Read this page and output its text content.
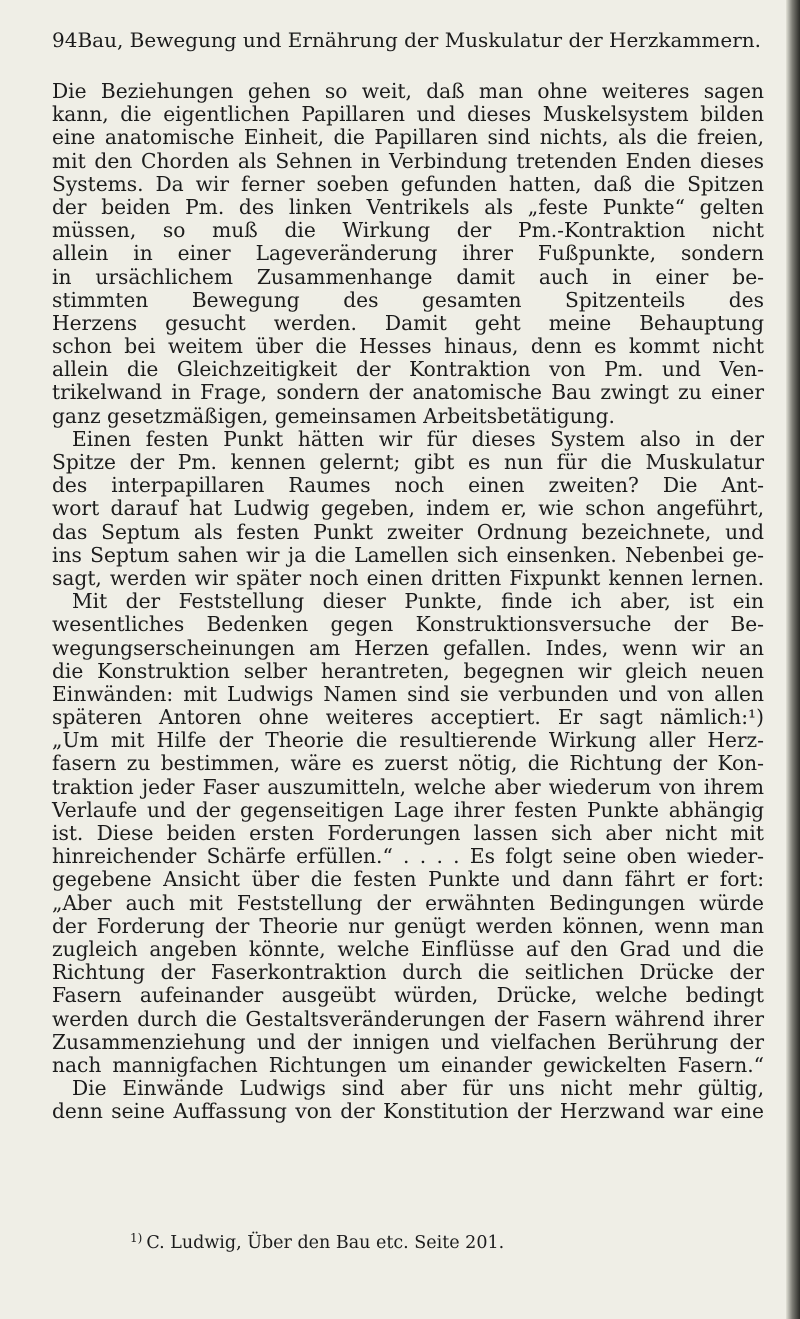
94 Bau, Bewegung und Ernährung der Muskulatur der Herzkammern.
Die Beziehungen gehen so weit, daß man ohne weiteres sagen
kann, die eigentlichen Papillaren und dieses Muskelsystem bilden
eine anatomische Einheit, die Papillaren sind nichts, als die freien,
mit den Chorden als Sehnen in Verbindung tretenden Enden dieses
Systems. Da wir ferner soeben gefunden hatten, daß die Spitzen
der beiden Pm. des linken Ventrikels als „feste Punkte“ gelten
müssen, so muß die Wirkung der Pm.-Kontraktion nicht
allein in einer Lageveränderung ihrer Fußpunkte, sondern
in ursächlichem Zusammenhange damit auch in einer be-
stimmten Bewegung des gesamten Spitzenteils des
Herzens gesucht werden. Damit geht meine Behauptung
schon bei weitem über die Hesses hinaus, denn es kommt nicht
allein die Gleichzeitigkeit der Kontraktion von Pm. und Ven-
trikelwand in Frage, sondern der anatomische Bau zwingt zu einer
ganz gesetzmäßigen, gemeinsamen Arbeitsbetätigung.
Einen festen Punkt hätten wir für dieses System also in der
Spitze der Pm. kennen gelernt; gibt es nun für die Muskulatur
des interpapillaren Raumes noch einen zweiten? Die Ant-
wort darauf hat Ludwig gegeben, indem er, wie schon angeführt,
das Septum als festen Punkt zweiter Ordnung bezeichnete, und
ins Septum sahen wir ja die Lamellen sich einsenken. Nebenbei ge-
sagt, werden wir später noch einen dritten Fixpunkt kennen lernen.
Mit der Feststellung dieser Punkte, finde ich aber, ist ein
wesentliches Bedenken gegen Konstruktionsversuche der Be-
wegungserscheinungen am Herzen gefallen. Indes, wenn wir an
die Konstruktion selber herantreten, begegnen wir gleich neuen
Einwänden: mit Ludwigs Namen sind sie verbunden und von allen
späteren Antoren ohne weiteres acceptiert. Er sagt nämlich:¹)
„Um mit Hilfe der Theorie die resultierende Wirkung aller Herz-
fasern zu bestimmen, wäre es zuerst nötig, die Richtung der Kon-
traktion jeder Faser auszumitteln, welche aber wiederum von ihrem
Verlaufe und der gegenseitigen Lage ihrer festen Punkte abhängig
ist. Diese beiden ersten Forderungen lassen sich aber nicht mit
hinreichender Schärfe erfüllen.“ . . . . Es folgt seine oben wieder-
gegebene Ansicht über die festen Punkte und dann fährt er fort:
„Aber auch mit Feststellung der erwähnten Bedingungen würde
der Forderung der Theorie nur genügt werden können, wenn man
zugleich angeben könnte, welche Einflüsse auf den Grad und die
Richtung der Faserkontraktion durch die seitlichen Drücke der
Fasern aufeinander ausgeübt würden, Drücke, welche bedingt
werden durch die Gestaltsveränderungen der Fasern während ihrer
Zusammenziehung und der innigen und vielfachen Berührung der
nach mannigfachen Richtungen um einander gewickelten Fasern.“
Die Einwände Ludwigs sind aber für uns nicht mehr gültig,
denn seine Auffassung von der Konstitution der Herzwand war eine
$^{1)}$ C. Ludwig, Über den Bau etc. Seite 201.
